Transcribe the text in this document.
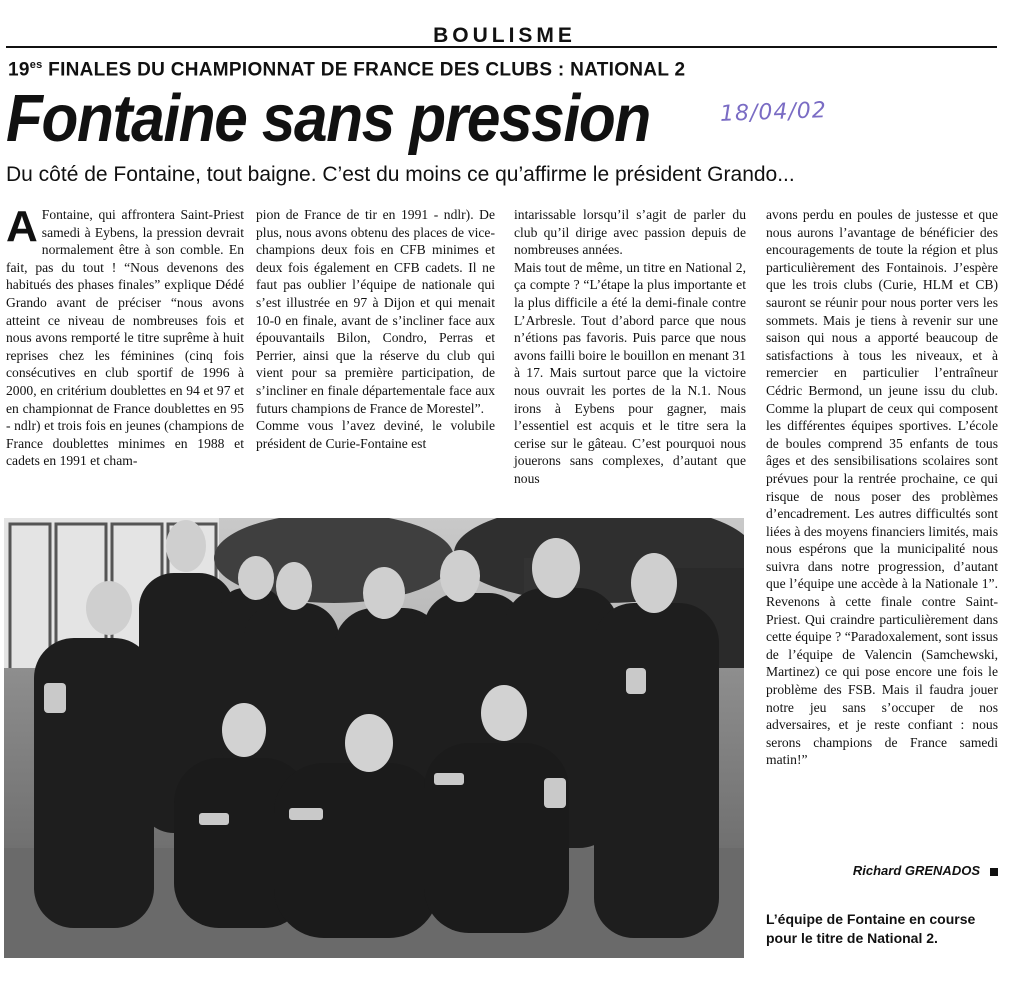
BOULISME
$19^{es}$ FINALES DU CHAMPIONNAT DE FRANCE DES CLUBS : NATIONAL 2
Fontaine sans pression	18/04/02
Du côté de Fontaine, tout baigne. C’est du moins ce qu’affirme le président Grando...
A Fontaine, qui affrontera Saint-Priest samedi à Eybens, la pression devrait normalement être à son comble. En fait, pas du tout ! “Nous devenons des habitués des phases finales” explique Dédé Grando avant de préciser “nous avons atteint ce niveau de nombreuses fois et nous avons remporté le titre suprême à huit reprises chez les féminines (cinq fois consécutives en club sportif de 1996 à 2000, en critérium doublettes en 94 et 97 et en championnat de France doublettes en 95 - ndlr) et trois fois en jeunes (champions de France doublettes minimes en 1988 et cadets en 1991 et cham-

pion de France de tir en 1991 - ndlr). De plus, nous avons obtenu des places de vice-champions deux fois en CFB minimes et deux fois également en CFB cadets. Il ne faut pas oublier l’équipe de nationale qui s’est illustrée en 97 à Dijon et qui menait 10-0 en finale, avant de s’incliner face aux épouvantails Bilon, Condro, Perras et Perrier, ainsi que la réserve du club qui vient pour sa première participation, de s’incliner en finale départementale face aux futurs champions de France de Morestel”.

Comme vous l’avez deviné, le volubile président de Curie-Fontaine est

intarissable lorsqu’il s’agit de parler du club qu’il dirige avec passion depuis de nombreuses années.

Mais tout de même, un titre en National 2, ça compte ? “L’étape la plus importante et la plus difficile a été la demi-finale contre L’Arbresle. Tout d’abord parce que nous n’étions pas favoris. Puis parce que nous avons failli boire le bouillon en menant 31 à 17. Mais surtout parce que la victoire nous ouvrait les portes de la N.1. Nous irons à Eybens pour gagner, mais l’essentiel est acquis et le titre sera la cerise sur le gâteau. C’est pourquoi nous jouerons sans complexes, d’autant que nous

avons perdu en poules de justesse et que nous aurons l’avantage de bénéficier des encouragements de toute la région et plus particulièrement des Fontainois. J’espère que les trois clubs (Curie, HLM et CB) sauront se réunir pour nous porter vers les sommets. Mais je tiens à revenir sur une saison qui nous a apporté beaucoup de satisfactions à tous les niveaux, et à remercier en particulier l’entraîneur Cédric Bermond, un jeune issu du club. Comme la plupart de ceux qui composent les différentes équipes sportives. L’école de boules comprend 35 enfants de tous âges et des sensibilisations scolaires sont prévues pour la rentrée prochaine, ce qui risque de nous poser des problèmes d’encadrement. Les autres difficultés sont liées à des moyens financiers limités, mais nous espérons que la municipalité nous suivra dans notre progression, d’autant que l’équipe une accède à la Nationale 1”. Revenons à cette finale contre Saint-Priest. Qui craindre particulièrement dans cette équipe ? “Paradoxalement, sont issus de l’équipe de Valencin (Samchewski, Martinez) ce qui pose encore une fois le problème des FSB. Mais il faudra jouer notre jeu sans s’occuper de nos adversaires, et je reste confiant : nous serons champions de France samedi matin!”

Richard GRENADOS
L’équipe de Fontaine en course pour le titre de National 2.
